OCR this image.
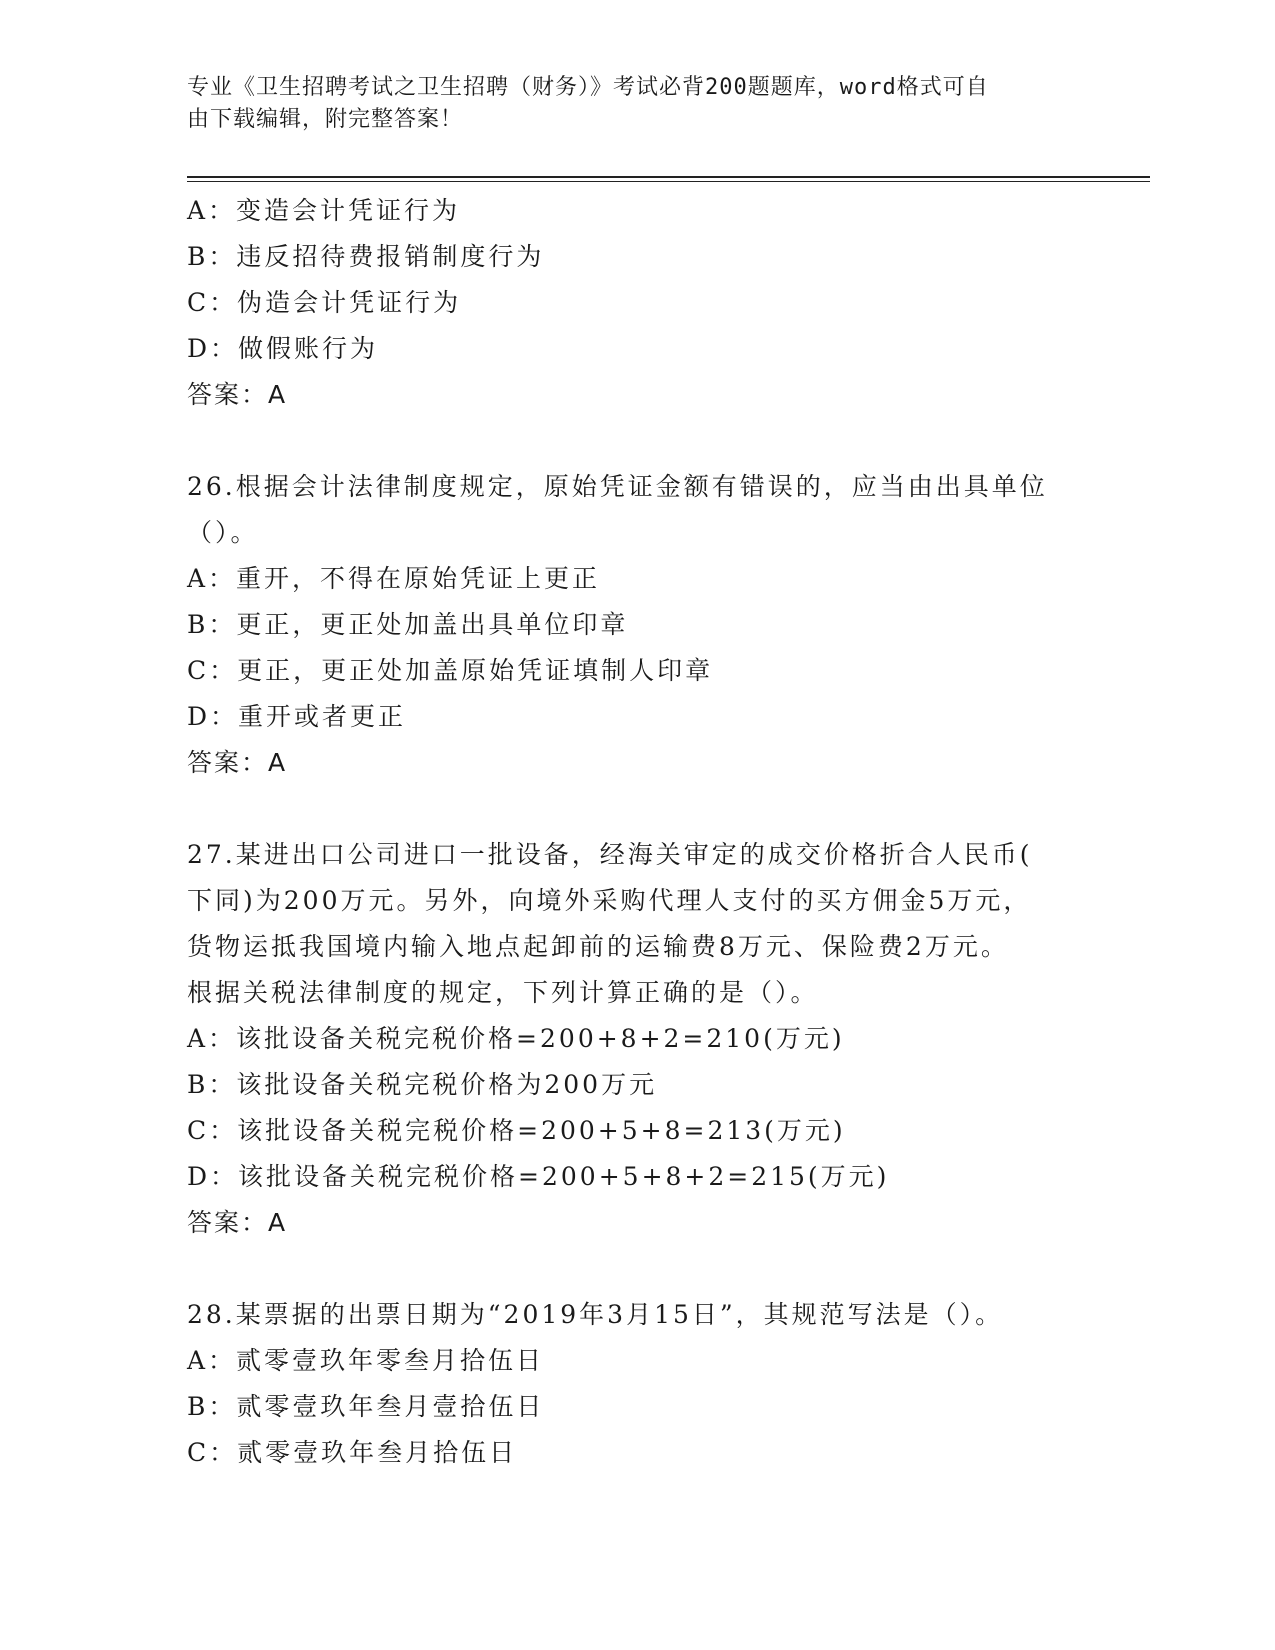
专业《卫生招聘考试之卫生招聘（财务）》考试必背200题题库，word格式可自
由下载编辑，附完整答案！
A：变造会计凭证行为
B：违反招待费报销制度行为
C：伪造会计凭证行为
D：做假账行为
答案：A
26.根据会计法律制度规定，原始凭证金额有错误的，应当由出具单位
（）。
A：重开，不得在原始凭证上更正
B：更正，更正处加盖出具单位印章
C：更正，更正处加盖原始凭证填制人印章
D：重开或者更正
答案：A
27.某进出口公司进口一批设备，经海关审定的成交价格折合人民币(
下同)为200万元。另外，向境外采购代理人支付的买方佣金5万元，
货物运抵我国境内输入地点起卸前的运输费8万元、保险费2万元。
根据关税法律制度的规定，下列计算正确的是（）。
A：该批设备关税完税价格=200+8+2=210(万元)
B：该批设备关税完税价格为200万元
C：该批设备关税完税价格=200+5+8=213(万元)
D：该批设备关税完税价格=200+5+8+2=215(万元)
答案：A
28.某票据的出票日期为“2019年3月15日”，其规范写法是（）。
A：贰零壹玖年零叁月拾伍日
B：贰零壹玖年叁月壹拾伍日
C：贰零壹玖年叁月拾伍日
